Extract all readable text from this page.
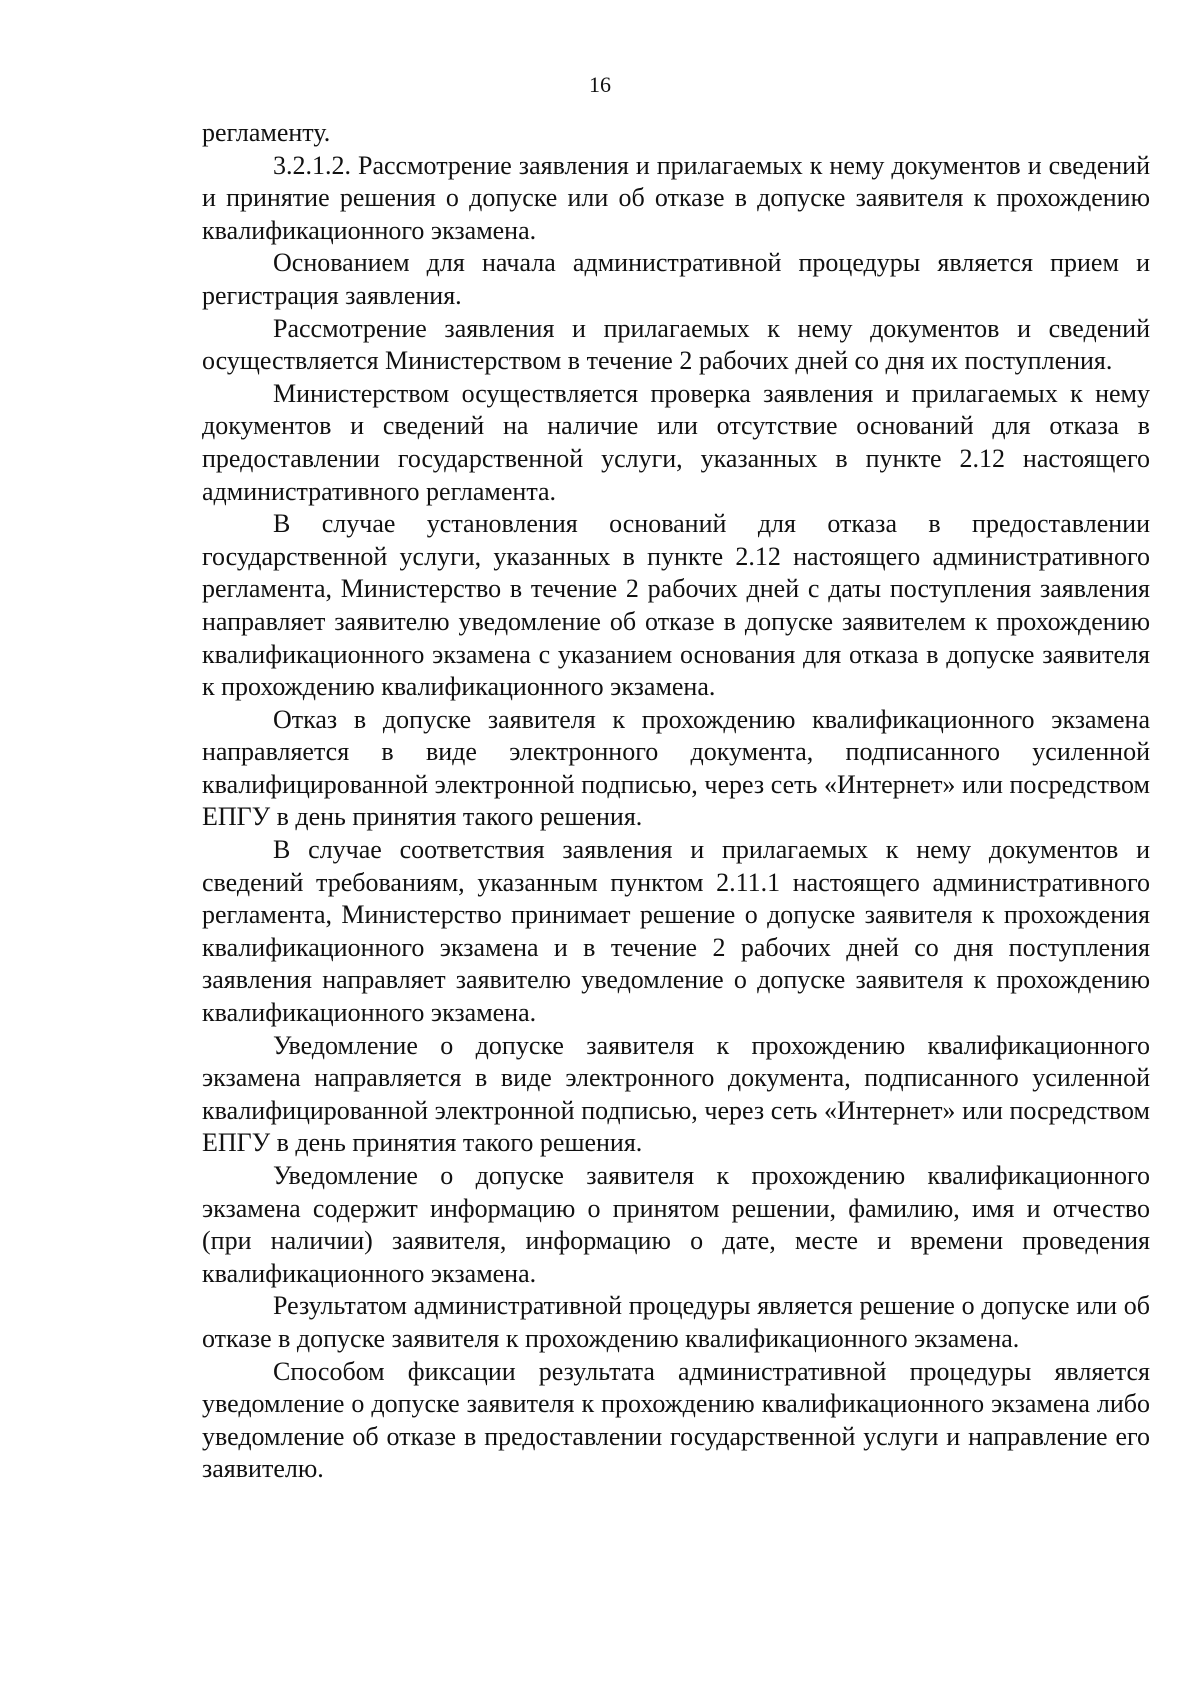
16

регламенту.

3.2.1.2. Рассмотрение заявления и прилагаемых к нему документов и сведений и принятие решения о допуске или об отказе в допуске заявителя к прохождению квалификационного экзамена.

Основанием для начала административной процедуры является прием и регистрация заявления.

Рассмотрение заявления и прилагаемых к нему документов и сведений осуществляется Министерством в течение 2 рабочих дней со дня их поступления.

Министерством осуществляется проверка заявления и прилагаемых к нему документов и сведений на наличие или отсутствие оснований для отказа в предоставлении государственной услуги, указанных в пункте 2.12 настоящего административного регламента.

В случае установления оснований для отказа в предоставлении государственной услуги, указанных в пункте 2.12 настоящего административного регламента, Министерство в течение 2 рабочих дней с даты поступления заявления направляет заявителю уведомление об отказе в допуске заявителем к прохождению квалификационного экзамена с указанием основания для отказа в допуске заявителя к прохождению квалификационного экзамена.

Отказ в допуске заявителя к прохождению квалификационного экзамена направляется в виде электронного документа, подписанного усиленной квалифицированной электронной подписью, через сеть «Интернет» или посредством ЕПГУ в день принятия такого решения.

В случае соответствия заявления и прилагаемых к нему документов и сведений требованиям, указанным пунктом 2.11.1 настоящего административного регламента, Министерство принимает решение о допуске заявителя к прохождения квалификационного экзамена и в течение 2 рабочих дней со дня поступления заявления направляет заявителю уведомление о допуске заявителя к прохождению квалификационного экзамена.

Уведомление о допуске заявителя к прохождению квалификационного экзамена направляется в виде электронного документа, подписанного усиленной квалифицированной электронной подписью, через сеть «Интернет» или посредством ЕПГУ в день принятия такого решения.

Уведомление о допуске заявителя к прохождению квалификационного экзамена содержит информацию о принятом решении, фамилию, имя и отчество (при наличии) заявителя, информацию о дате, месте и времени проведения квалификационного экзамена.

Результатом административной процедуры является решение о допуске или об отказе в допуске заявителя к прохождению квалификационного экзамена.

Способом фиксации результата административной процедуры является уведомление о допуске заявителя к прохождению квалификационного экзамена либо уведомление об отказе в предоставлении государственной услуги и направление его заявителю.
